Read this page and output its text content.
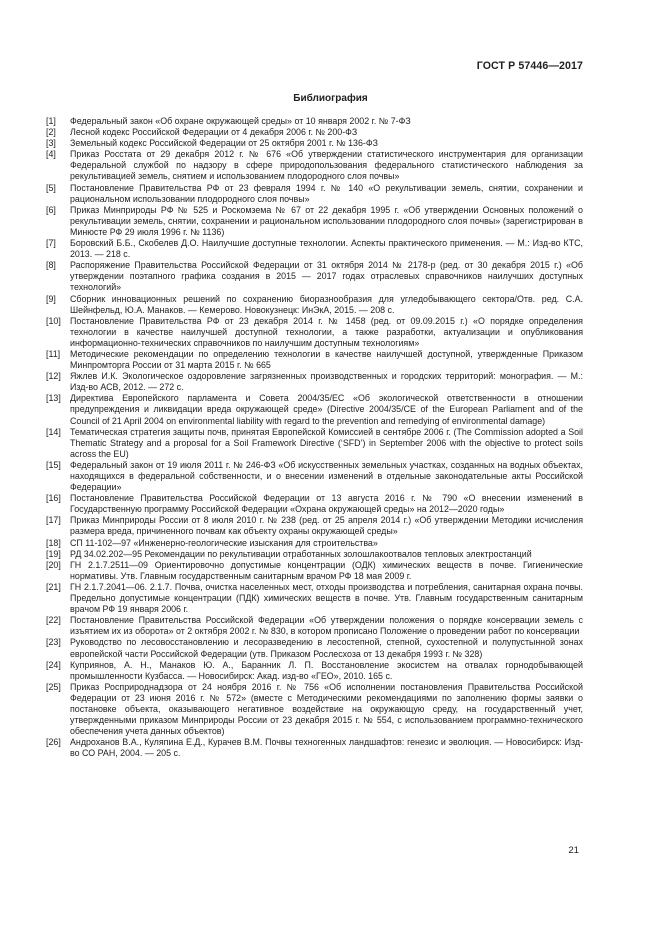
ГОСТ Р 57446—2017
Библиография
[1]	Федеральный закон «Об охране окружающей среды» от 10 января 2002 г. № 7-ФЗ
[2]	Лесной кодекс Российской Федерации от 4 декабря 2006 г. № 200-ФЗ
[3]	Земельный кодекс Российской Федерации от 25 октября 2001 г. № 136-ФЗ
[4]	Приказ Росстата от 29 декабря 2012 г. № 676 «Об утверждении статистического инструментария для организации Федеральной службой по надзору в сфере природопользования федерального статистического наблюдения за рекультивацией земель, снятием и использованием плодородного слоя почвы»
[5]	Постановление Правительства РФ от 23 февраля 1994 г. № 140 «О рекультивации земель, снятии, сохранении и рациональном использовании плодородного слоя почвы»
[6]	Приказ Минприроды РФ № 525 и Роскомзема № 67 от 22 декабря 1995 г. «Об утверждении Основных положений о рекультивации земель, снятии, сохранении и рациональном использовании плодородного слоя почвы» (зарегистрирован в Минюсте РФ 29 июля 1996 г. № 1136)
[7]	Боровский Б.Б., Скобелев Д.О. Наилучшие доступные технологии. Аспекты практического применения. — М.: Изд-во КТС, 2013. — 218 с.
[8]	Распоряжение Правительства Российской Федерации от 31 октября 2014 № 2178-р (ред. от 30 декабря 2015 г.) «Об утверждении поэтапного графика создания в 2015 — 2017 годах отраслевых справочников наилучших доступных технологий»
[9]	Сборник инновационных решений по сохранению биоразнообразия для угледобывающего сектора/Отв. ред. С.А. Шейнфельд, Ю.А. Манаков. — Кемерово. Новокузнецк: ИнЭкА, 2015. — 208 с.
[10]	Постановление Правительства РФ от 23 декабря 2014 г. № 1458 (ред. от 09.09.2015 г.) «О порядке определения технологии в качестве наилучшей доступной технологии, а также разработки, актуализации и опубликования информационно-технических справочников по наилучшим доступным технологиям»
[11]	Методические рекомендации по определению технологии в качестве наилучшей доступной, утвержденные Приказом Минпромторга России от 31 марта 2015 г. № 665
[12]	Яжлев И.К. Экологическое оздоровление загрязненных производственных и городских территорий: монография. — М.: Изд-во АСВ, 2012. — 272 с.
[13]	Директива Европейского парламента и Совета 2004/35/ЕС «Об экологической ответственности в отношении предупреждения и ликвидации вреда окружающей среде» (Directive 2004/35/CE of the European Parliament and of the Council of 21 April 2004 on environmental liability with regard to the prevention and remedying of environmental damage)
[14]	Тематическая стратегия защиты почв, принятая Европейской Комиссией в сентябре 2006 г. (The Commission adopted a Soil Thematic Strategy and a proposal for a Soil Framework Directive (‘SFD’) in September 2006 with the objective to protect soils across the EU)
[15]	Федеральный закон от 19 июля 2011 г. № 246-ФЗ «Об искусственных земельных участках, созданных на водных объектах, находящихся в федеральной собственности, и о внесении изменений в отдельные законодательные акты Российской Федерации»
[16]	Постановление Правительства Российской Федерации от 13 августа 2016 г. № 790 «О внесении изменений в Государственную программу Российской Федерации «Охрана окружающей среды» на 2012—2020 годы»
[17]	Приказ Минприроды России от 8 июля 2010 г. № 238 (ред. от 25 апреля 2014 г.) «Об утверждении Методики исчисления размера вреда, причиненного почвам как объекту охраны окружающей среды»
[18]	СП 11-102—97 «Инженерно-геологические изыскания для строительства»
[19]	РД 34.02.202—95 Рекомендации по рекультивации отработанных золошлакоотвалов тепловых электростанций
[20]	ГН 2.1.7.2511—09 Ориентировочно допустимые концентрации (ОДК) химических веществ в почве. Гигиенические нормативы. Утв. Главным государственным санитарным врачом РФ 18 мая 2009 г.
[21]	ГН 2.1.7.2041—06. 2.1.7. Почва, очистка населенных мест, отходы производства и потребления, санитарная охрана почвы. Предельно допустимые концентрации (ПДК) химических веществ в почве. Утв. Главным государственным санитарным врачом РФ 19 января 2006 г.
[22]	Постановление Правительства Российской Федерации «Об утверждении положения о порядке консервации земель с изъятием их из оборота» от 2 октября 2002 г. № 830, в котором прописано Положение о проведении работ по консервации
[23]	Руководство по лесовосстановлению и лесоразведению в лесостепной, степной, сухостепной и полупустынной зонах европейской части Российской Федерации (утв. Приказом Рослесхоза от 13 декабря 1993 г. № 328)
[24]	Куприянов, А. Н., Манаков Ю. А., Баранник Л. П. Восстановление экосистем на отвалах горнодобывающей промышленности Кузбасса. — Новосибирск: Акад. изд-во «ГЕО», 2010. 165 с.
[25]	Приказ Росприроднадзора от 24 ноября 2016 г. № 756 «Об исполнении постановления Правительства Российской Федерации от 23 июня 2016 г. № 572» (вместе с Методическими рекомендациями по заполнению формы заявки о постановке объекта, оказывающего негативное воздействие на окружающую среду, на государственный учет, утвержденными приказом Минприроды России от 23 декабря 2015 г. № 554, с использованием программно-технического обеспечения учета данных объектов)
[26]	Андроханов В.А., Куляпина Е.Д., Курачев В.М. Почвы техногенных ландшафтов: генезис и эволюция. — Новосибирск: Изд-во СО РАН, 2004. — 205 с.
21
